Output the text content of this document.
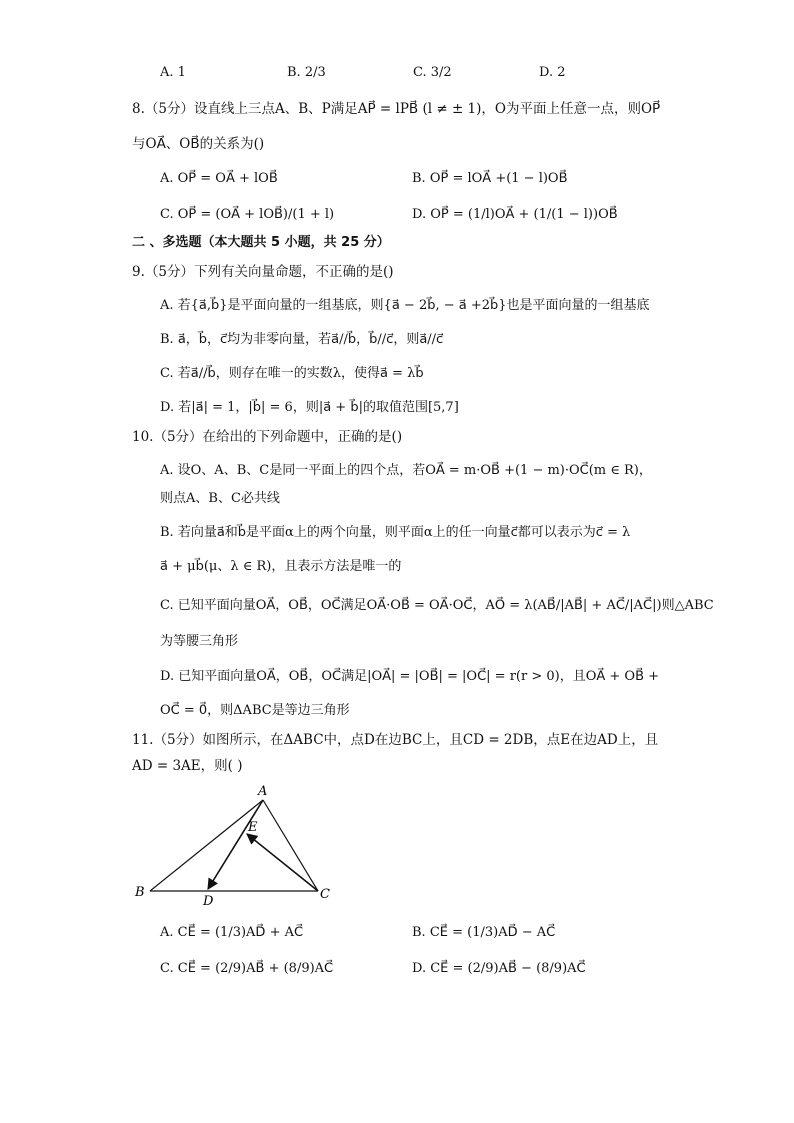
A. 1	B. 2/3	C. 3/2	D. 2
8.（5分）设直线上三点A、B、P满足AP⃗ = lPB⃗ (l ≠ ± 1)，O为平面上任意一点，则OP⃗
与OA⃗、OB⃗的关系为()
A. OP⃗ = OA⃗ + lOB⃗	B. OP⃗ = lOA⃗ +(1 − l)OB⃗
C. OP⃗ = (OA⃗ + lOB⃗)/(1 + l)	D. OP⃗ = (1/l)OA⃗ + (1/(1 − l))OB⃗
二 、多选题（本大题共 5 小题，共 25 分）
9.（5分）下列有关向量命题，不正确的是()
A. 若{a⃗,b⃗}是平面向量的一组基底，则{a⃗ − 2b⃗, − a⃗ +2b⃗}也是平面向量的一组基底
B. a⃗，b⃗，c⃗均为非零向量，若a⃗//b⃗，b⃗//c⃗，则a⃗//c⃗
C. 若a⃗//b⃗，则存在唯一的实数λ，使得a⃗ = λb⃗
D. 若|a⃗| = 1，|b⃗| = 6，则|a⃗ + b⃗|的取值范围[5,7]
10.（5分）在给出的下列命题中，正确的是()
A. 设O、A、B、C是同一平面上的四个点，若OA⃗ = m·OB⃗ +(1 − m)·OC⃗(m ∈ R)，
则点A、B、C必共线
B. 若向量a⃗和b⃗是平面α上的两个向量，则平面α上的任一向量c⃗都可以表示为c⃗ = λ
a⃗ + μb⃗(μ、λ ∈ R)，且表示方法是唯一的
C. 已知平面向量OA⃗，OB⃗，OC⃗满足OA⃗·OB⃗ = OA⃗·OC⃗，AO⃗ = λ(AB⃗/|AB⃗| + AC⃗/|AC⃗|)则△ABC
为等腰三角形
D. 已知平面向量OA⃗，OB⃗，OC⃗满足|OA⃗| = |OB⃗| = |OC⃗| = r(r > 0)，且OA⃗ + OB⃗ +
OC⃗ = 0⃗，则ΔABC是等边三角形
11.（5分）如图所示，在ΔABC中，点D在边BC上，且CD = 2DB，点E在边AD上，且
AD = 3AE，则( )
A
E
B
D	C
A. CE⃗ = (1/3)AD⃗ + AC⃗	B. CE⃗ = (1/3)AD⃗ − AC⃗
C. CE⃗ = (2/9)AB⃗ + (8/9)AC⃗	D. CE⃗ = (2/9)AB⃗ − (8/9)AC⃗
